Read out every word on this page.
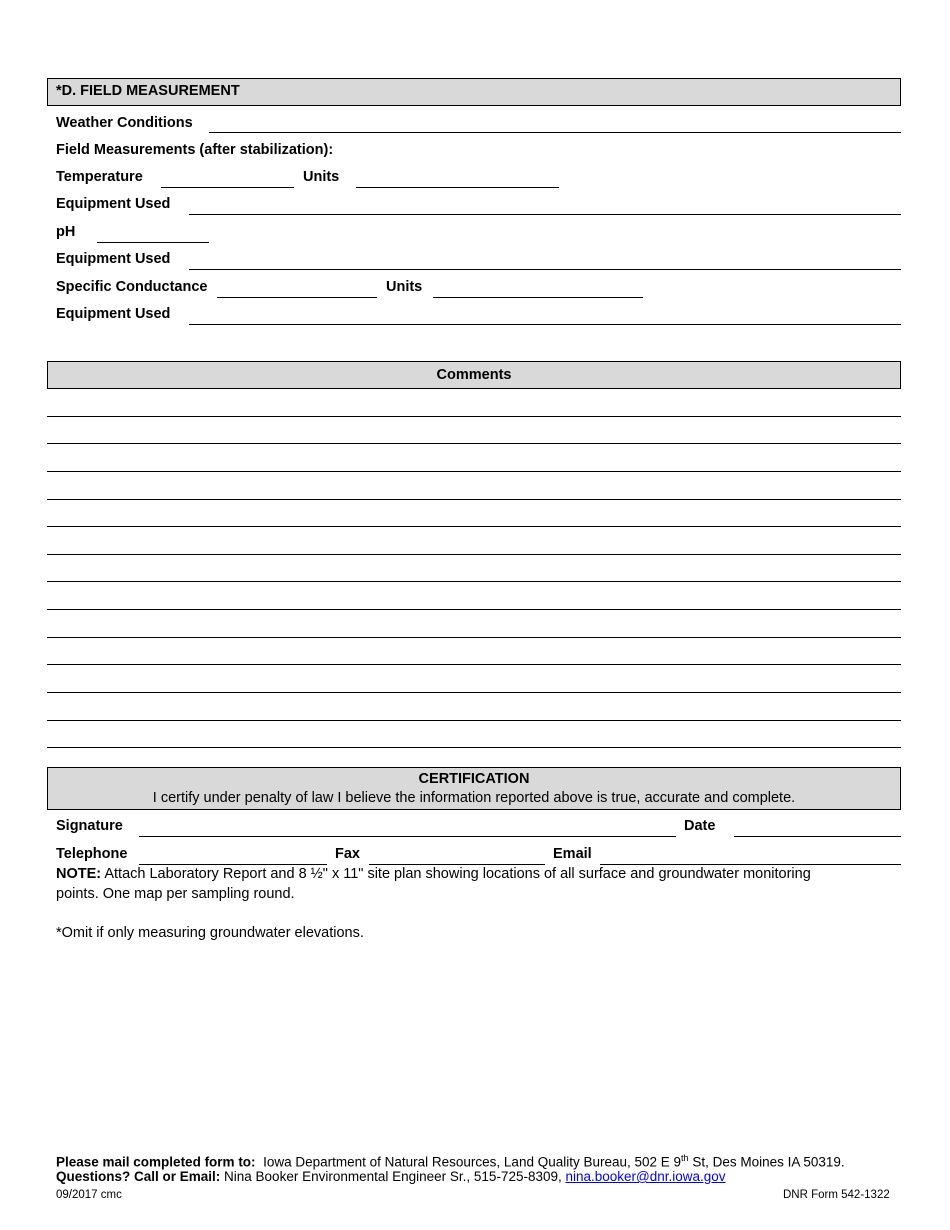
*D. FIELD MEASUREMENT
Weather Conditions
Field Measurements (after stabilization):
Temperature	Units
Equipment Used
pH
Equipment Used
Specific Conductance	Units
Equipment Used
Comments
CERTIFICATION
I certify under penalty of law I believe the information reported above is true, accurate and complete.
Signature	Date
Telephone	Fax	Email
NOTE: Attach Laboratory Report and 8 ½" x 11" site plan showing locations of all surface and groundwater monitoring
points. One map per sampling round.
*Omit if only measuring groundwater elevations.
Please mail completed form to:  Iowa Department of Natural Resources, Land Quality Bureau, 502 E 9th St, Des Moines IA 50319.
Questions? Call or Email: Nina Booker Environmental Engineer Sr., 515-725-8309, nina.booker@dnr.iowa.gov
09/2017 cmc	DNR Form 542-1322
